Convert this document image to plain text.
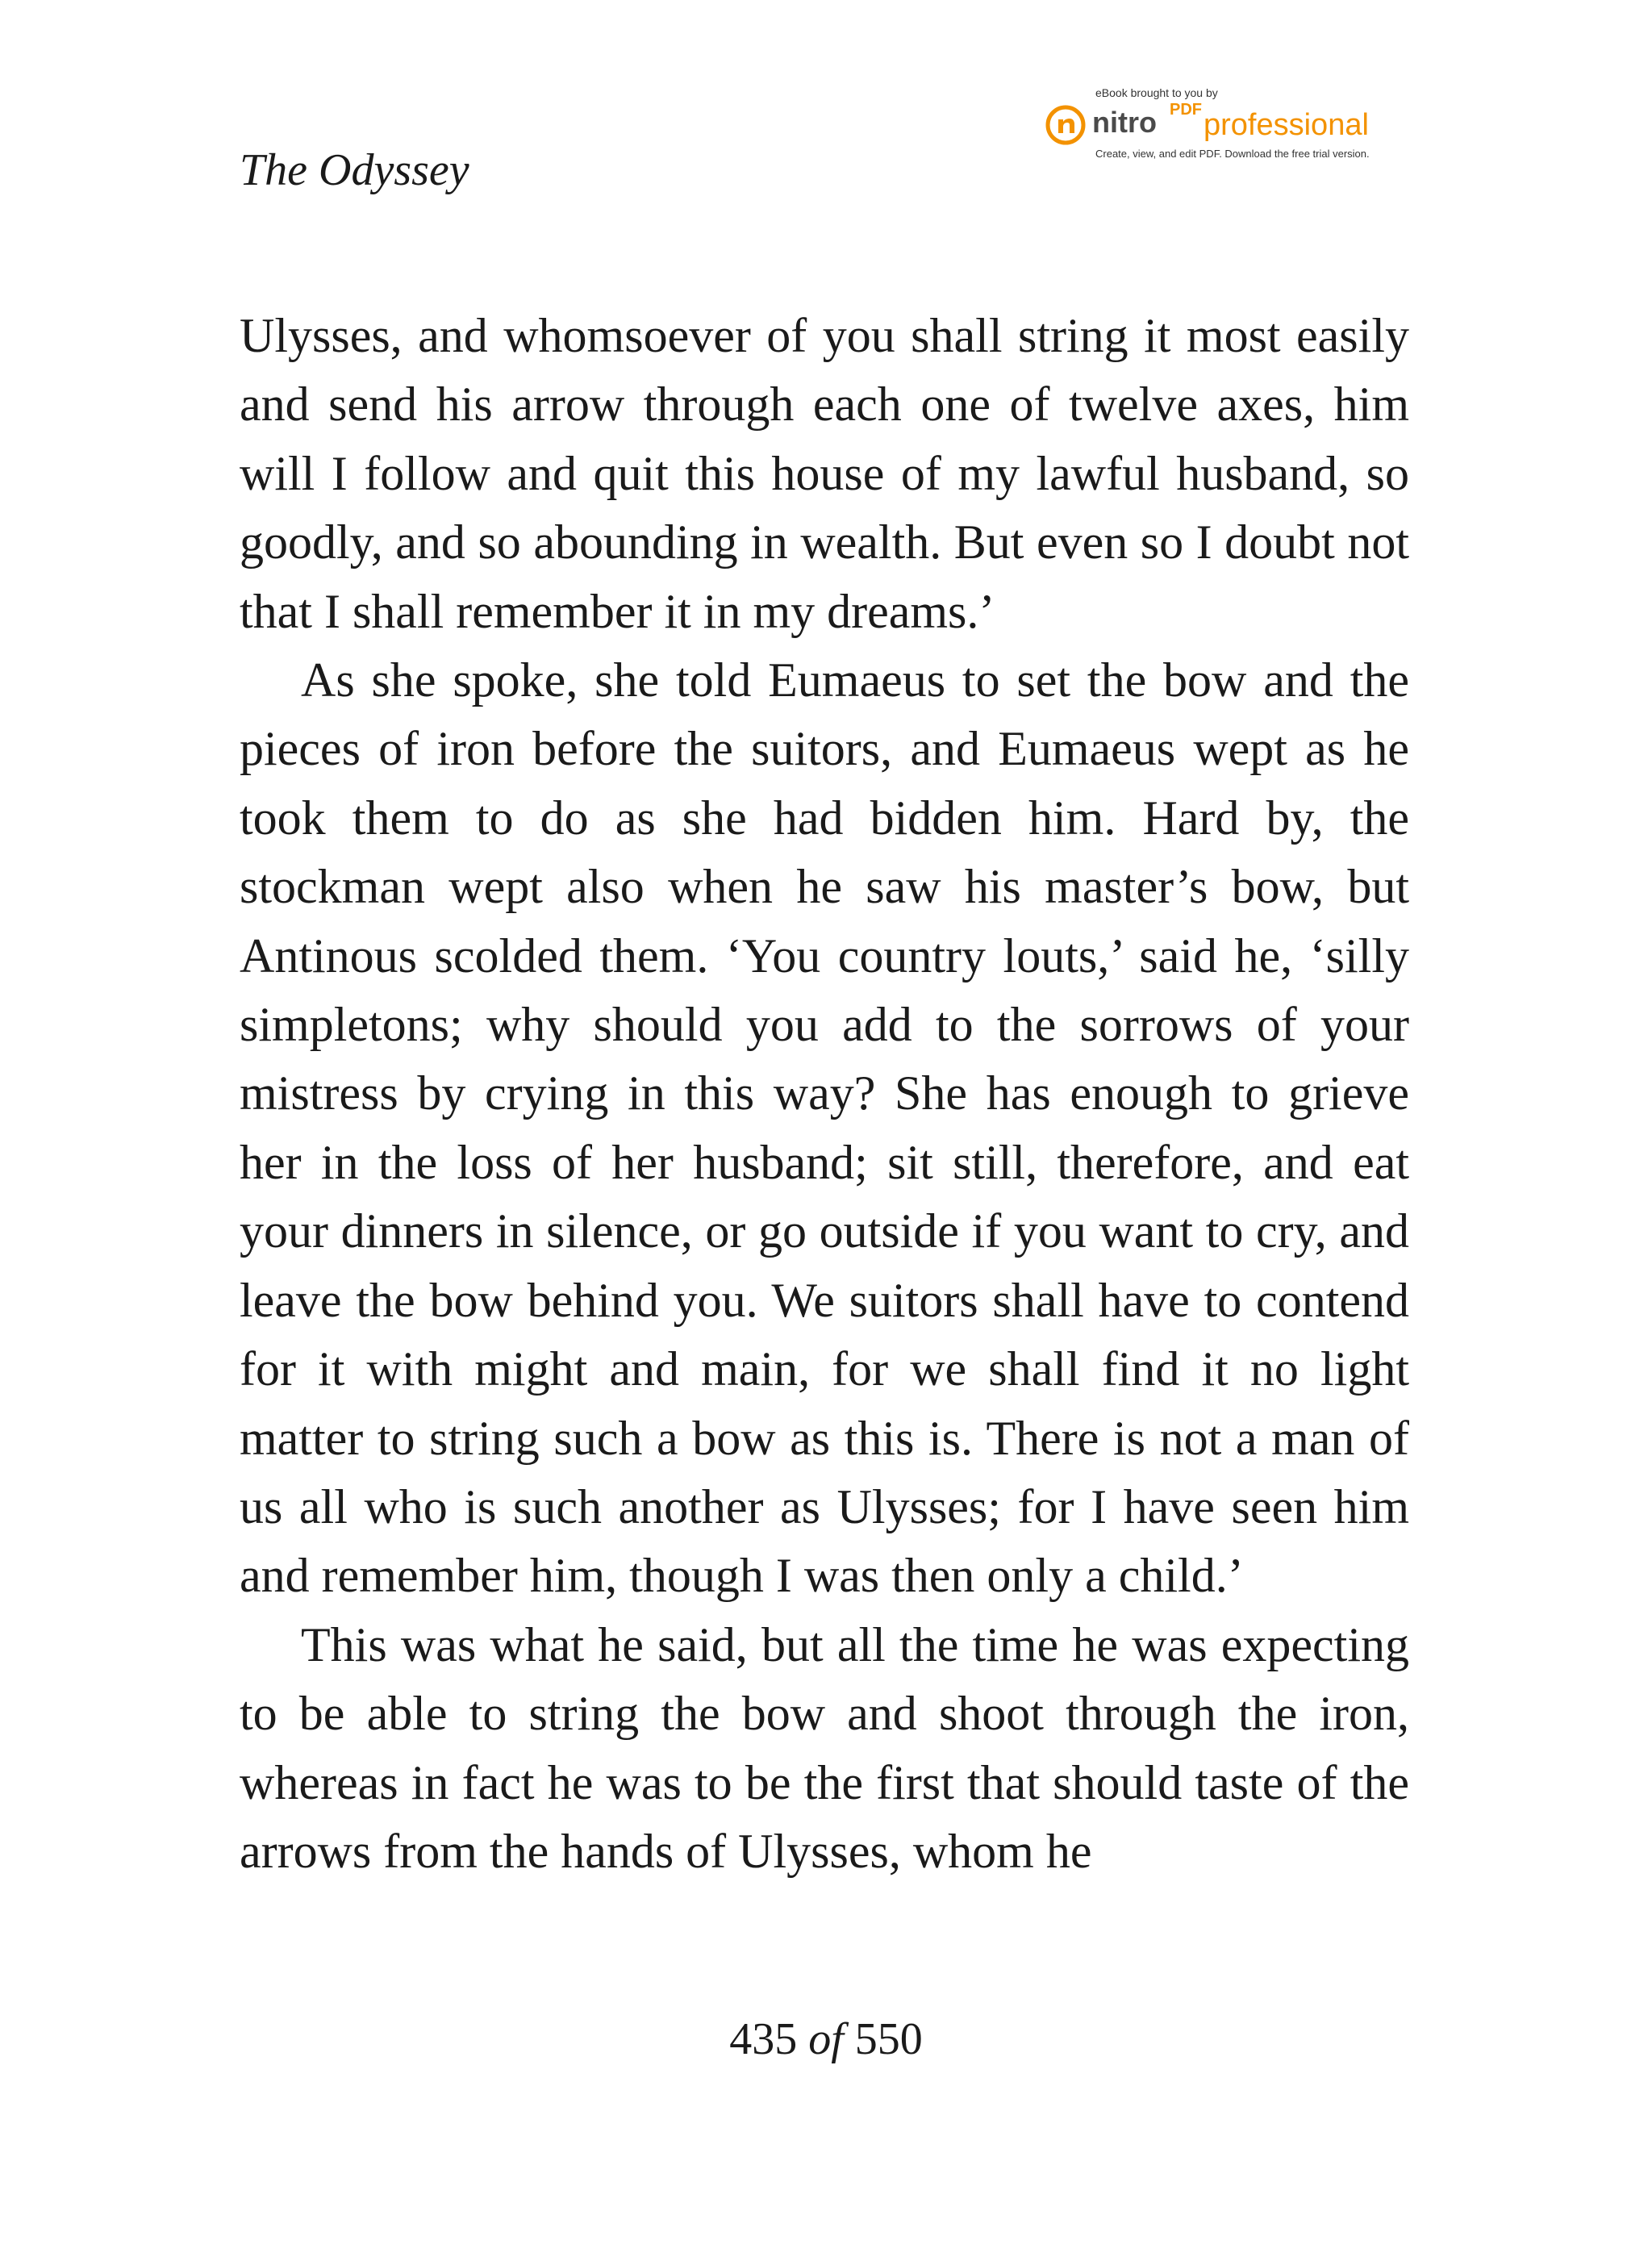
The Odyssey
eBook brought to you by
nitro PDF professional
Create, view, and edit PDF. Download the free trial version.

Ulysses, and whomsoever of you shall string it most easily and send his arrow through each one of twelve axes, him will I follow and quit this house of my lawful husband, so goodly, and so abounding in wealth. But even so I doubt not that I shall remember it in my dreams.’

As she spoke, she told Eumaeus to set the bow and the pieces of iron before the suitors, and Eumaeus wept as he took them to do as she had bidden him. Hard by, the stockman wept also when he saw his master’s bow, but Antinous scolded them. ‘You country louts,’ said he, ‘silly simpletons; why should you add to the sorrows of your mistress by crying in this way? She has enough to grieve her in the loss of her husband; sit still, therefore, and eat your dinners in silence, or go outside if you want to cry, and leave the bow behind you. We suitors shall have to contend for it with might and main, for we shall find it no light matter to string such a bow as this is. There is not a man of us all who is such another as Ulysses; for I have seen him and remember him, though I was then only a child.’

This was what he said, but all the time he was expecting to be able to string the bow and shoot through the iron, whereas in fact he was to be the first that should taste of the arrows from the hands of Ulysses, whom he

435 of 550
